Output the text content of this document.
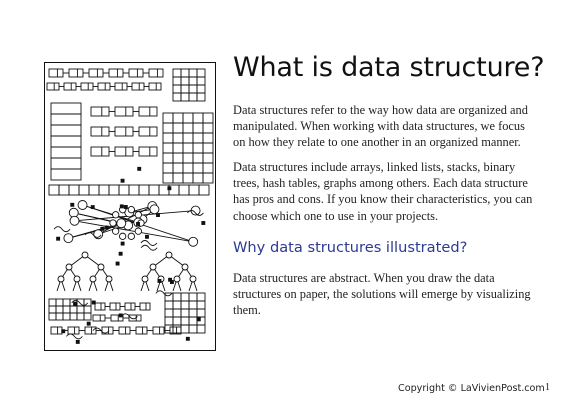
What is data structure?

Data structures refer to the way how data are organized and manipulated. When working with data structures, we focus on how they relate to one another in an organized manner.

Data structures include arrays, linked lists, stacks, binary trees, hash tables, graphs among others. Each data structure has pros and cons. If you know their characteristics, you can choose which one to use in your projects.

Why data structures illustrated?

Data structures are abstract. When you draw the data structures on paper, the solutions will emerge by visualizing them.

Copyright © LaVivienPost.com 1
